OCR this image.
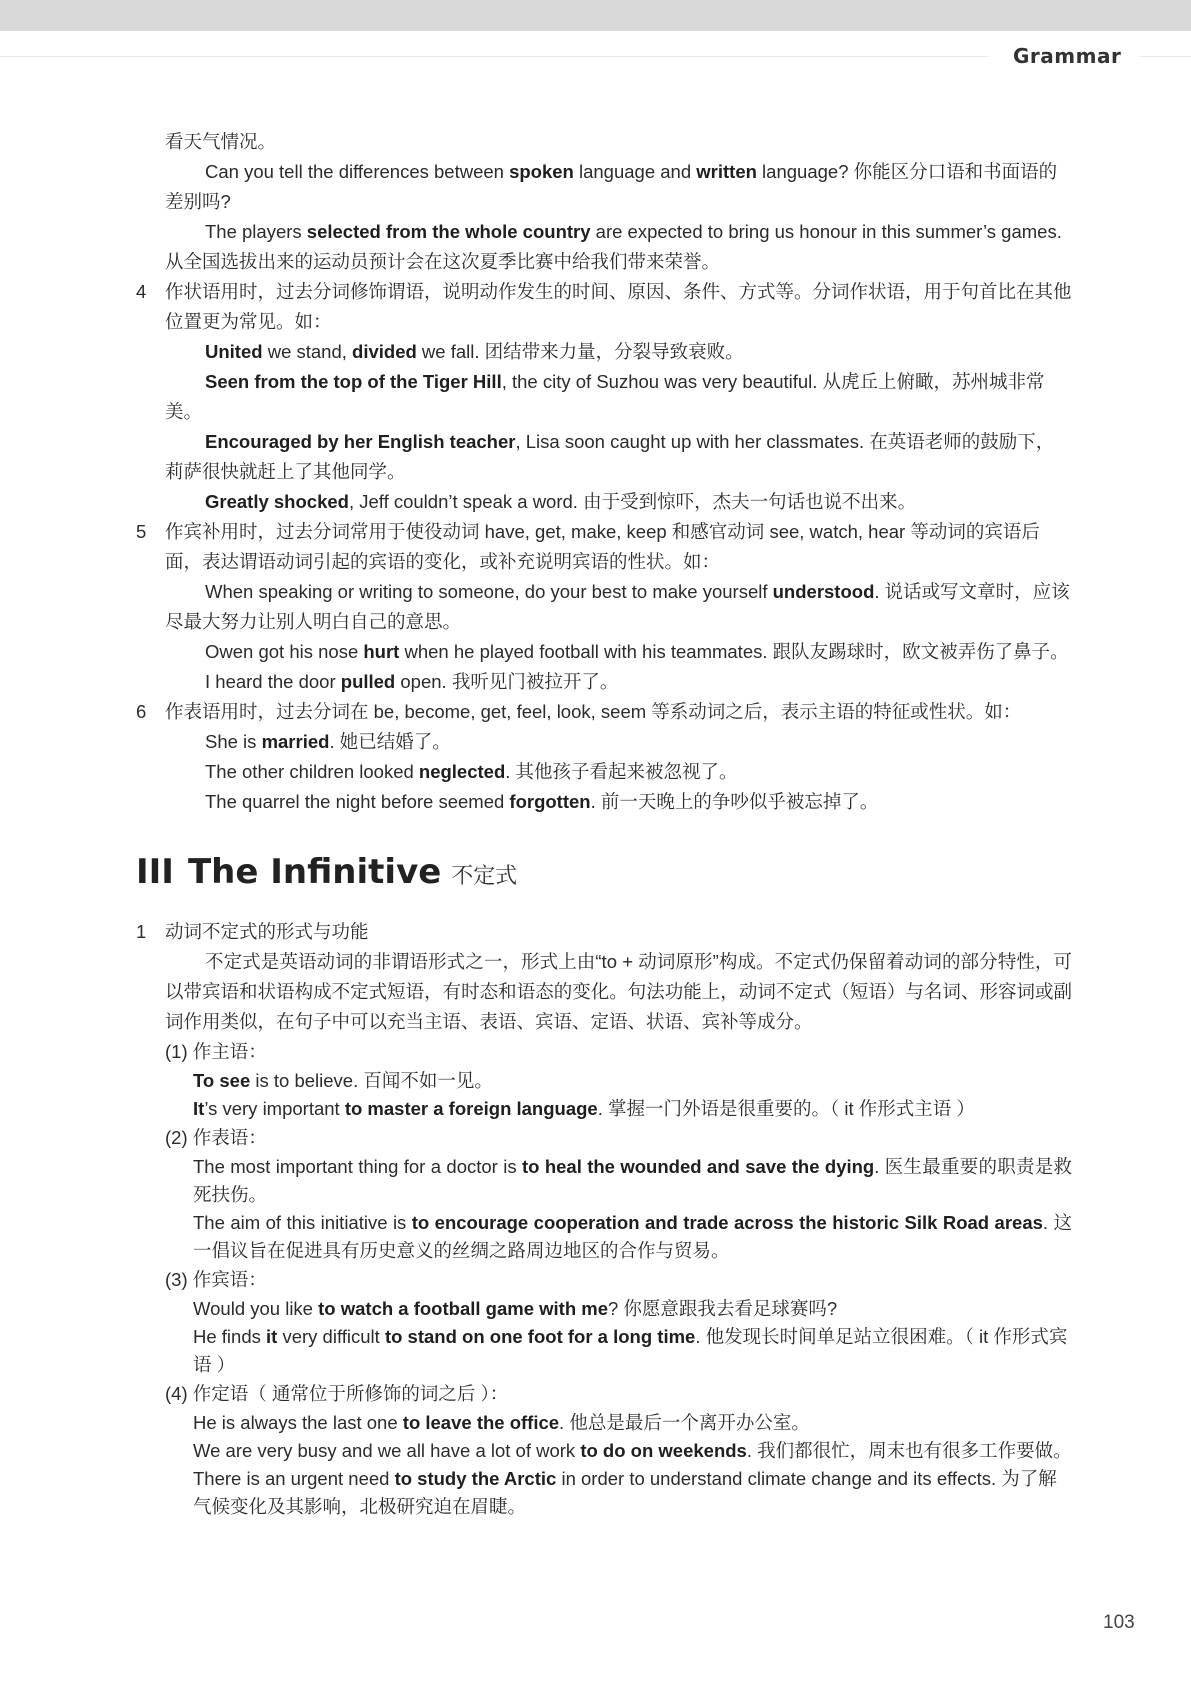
Grammar

看天气情况。

Can you tell the differences between spoken language and written language? 你能区分口语和书面语的差别吗?

The players selected from the whole country are expected to bring us honour in this summer’s games. 从全国选拔出来的运动员预计会在这次夏季比赛中给我们带来荣誉。

4 作状语用时，过去分词修饰谓语，说明动作发生的时间、原因、条件、方式等。分词作状语，用于句首比在其他位置更为常见。如：

United we stand, divided we fall. 团结带来力量，分裂导致衰败。

Seen from the top of the Tiger Hill, the city of Suzhou was very beautiful. 从虎丘上俯瞰，苏州城非常美。

Encouraged by her English teacher, Lisa soon caught up with her classmates. 在英语老师的鼓励下，莉萨很快就赶上了其他同学。

Greatly shocked, Jeff couldn’t speak a word. 由于受到惊吓，杰夫一句话也说不出来。

5 作宾补用时，过去分词常用于使役动词 have, get, make, keep 和感官动词 see, watch, hear 等动词的宾语后面，表达谓语动词引起的宾语的变化，或补充说明宾语的性状。如：

When speaking or writing to someone, do your best to make yourself understood. 说话或写文章时，应该尽最大努力让别人明白自己的意思。

Owen got his nose hurt when he played football with his teammates. 跟队友踢球时，欧文被弄伤了鼻子。

I heard the door pulled open. 我听见门被拉开了。

6 作表语用时，过去分词在 be, become, get, feel, look, seem 等系动词之后，表示主语的特征或性状。如：

She is married. 她已结婚了。

The other children looked neglected. 其他孩子看起来被忽视了。

The quarrel the night before seemed forgotten. 前一天晚上的争吵似乎被忘掉了。

III The Infinitive 不定式
1 动词不定式的形式与功能

不定式是英语动词的非谓语形式之一，形式上由“to + 动词原形”构成。不定式仍保留着动词的部分特性，可以带宾语和状语构成不定式短语，有时态和语态的变化。句法功能上，动词不定式（短语）与名词、形容词或副词作用类似，在句子中可以充当主语、表语、宾语、定语、状语、宾补等成分。

(1) 作主语：

To see is to believe. 百闻不如一见。

It’s very important to master a foreign language. 掌握一门外语是很重要的。（ it 作形式主语 ）

(2) 作表语：

The most important thing for a doctor is to heal the wounded and save the dying. 医生最重要的职责是救死扶伤。

The aim of this initiative is to encourage cooperation and trade across the historic Silk Road areas. 这一倡议旨在促进具有历史意义的丝绸之路周边地区的合作与贸易。

(3) 作宾语：

Would you like to watch a football game with me? 你愿意跟我去看足球赛吗?

He finds it very difficult to stand on one foot for a long time. 他发现长时间单足站立很困难。（ it 作形式宾语 ）

(4) 作定语（ 通常位于所修饰的词之后 ）：

He is always the last one to leave the office. 他总是最后一个离开办公室。

We are very busy and we all have a lot of work to do on weekends. 我们都很忙，周末也有很多工作要做。

There is an urgent need to study the Arctic in order to understand climate change and its effects. 为了解气候变化及其影响，北极研究迫在眉睫。

103
